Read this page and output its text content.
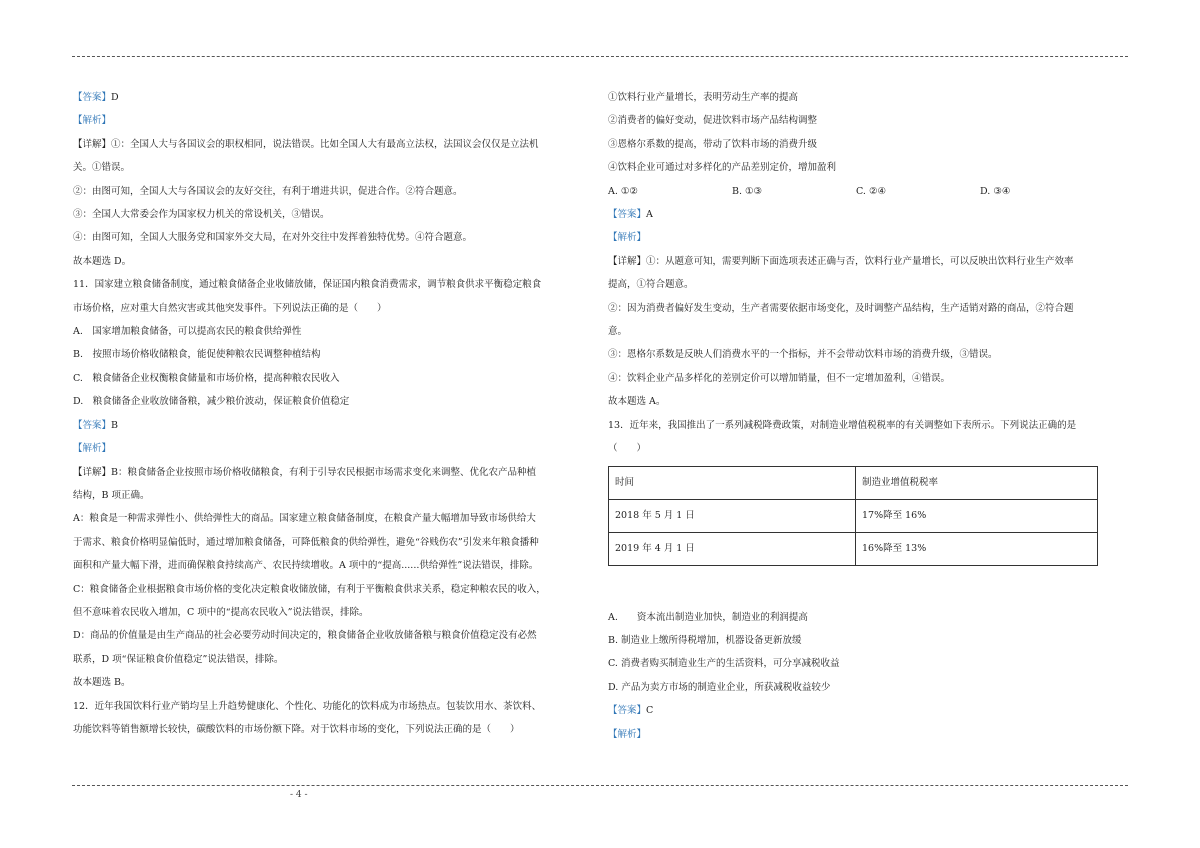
【答案】D

【解析】

【详解】①：全国人大与各国议会的职权相同，说法错误。比如全国人大有最高立法权，法国议会仅仅是立法机

关。①错误。

②：由图可知，全国人大与各国议会的友好交往，有利于增进共识，促进合作。②符合题意。

③：全国人大常委会作为国家权力机关的常设机关，③错误。

④：由图可知，全国人大服务党和国家外交大局，在对外交往中发挥着独特优势。④符合题意。

故本题选 D。

11．国家建立粮食储备制度，通过粮食储备企业收储放储，保证国内粮食消费需求，调节粮食供求平衡稳定粮食

市场价格，应对重大自然灾害或其他突发事件。下列说法正确的是（　　）

A.　国家增加粮食储备，可以提高农民的粮食供给弹性

B.　按照市场价格收储粮食，能促使种粮农民调整种植结构

C.　粮食储备企业权衡粮食储量和市场价格，提高种粮农民收入

D.　粮食储备企业收放储备粮，减少粮价波动，保证粮食价值稳定

【答案】B

【解析】

【详解】B：粮食储备企业按照市场价格收储粮食，有利于引导农民根据市场需求变化来调整、优化农产品种植

结构，B 项正确。

A：粮食是一种需求弹性小、供给弹性大的商品。国家建立粮食储备制度，在粮食产量大幅增加导致市场供给大

于需求、粮食价格明显偏低时，通过增加粮食储备，可降低粮食的供给弹性，避免“谷贱伤农”引发来年粮食播种

面积和产量大幅下滑，进而确保粮食持续高产、农民持续增收。A 项中的“提高......供给弹性”说法错误，排除。

C：粮食储备企业根据粮食市场价格的变化决定粮食收储放储，有利于平衡粮食供求关系，稳定种粮农民的收入，

但不意味着农民收入增加，C 项中的“提高农民收入”说法错误，排除。

D：商品的价值量是由生产商品的社会必要劳动时间决定的，粮食储备企业收放储备粮与粮食价值稳定没有必然

联系，D 项“保证粮食价值稳定”说法错误，排除。

故本题选 B。

12．近年我国饮料行业产销均呈上升趋势健康化、个性化、功能化的饮料成为市场热点。包装饮用水、茶饮料、

功能饮料等销售额增长较快，碳酸饮料的市场份额下降。对于饮料市场的变化，下列说法正确的是（　　）

①饮料行业产量增长，表明劳动生产率的提高

②消费者的偏好变动，促进饮料市场产品结构调整

③恩格尔系数的提高，带动了饮料市场的消费升级

④饮料企业可通过对多样化的产品差别定价，增加盈利

A. ①②	B. ①③	C. ②④	D. ③④

【答案】A

【解析】

【详解】①：从题意可知，需要判断下面选项表述正确与否，饮料行业产量增长，可以反映出饮料行业生产效率

提高，①符合题意。

②：因为消费者偏好发生变动，生产者需要依据市场变化，及时调整产品结构，生产适销对路的商品，②符合题

意。

③：恩格尔系数是反映人们消费水平的一个指标，并不会带动饮料市场的消费升级，③错误。

④：饮料企业产品多样化的差别定价可以增加销量，但不一定增加盈利，④错误。

故本题选 A。

13．近年来，我国推出了一系列减税降费政策，对制造业增值税税率的有关调整如下表所示。下列说法正确的是

（　　）

时间	制造业增值税税率
2018 年 5 月 1 日	17%降至 16%
2019 年 4 月 1 日	16%降至 13%

A.　　资本流出制造业加快，制造业的利润提高

B. 制造业上缴所得税增加，机器设备更新放缓

C. 消费者购买制造业生产的生活资料，可分享减税收益

D. 产品为卖方市场的制造业企业，所获减税收益较少

【答案】C

【解析】

- 4 -
